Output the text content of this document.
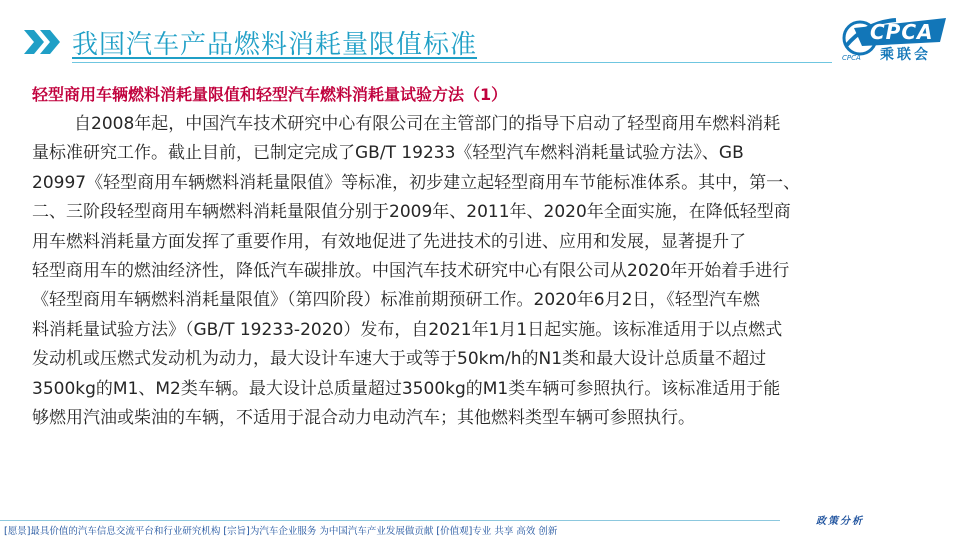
我国汽车产品燃料消耗量限值标准	CPCA
乘联会
CPCA
轻型商用车辆燃料消耗量限值和轻型汽车燃料消耗量试验方法（1）
自2008年起，中国汽车技术研究中心有限公司在主管部门的指导下启动了轻型商用车燃料消耗
量标准研究工作。截止目前，已制定完成了GB/T 19233《轻型汽车燃料消耗量试验方法》、GB
20997《轻型商用车辆燃料消耗量限值》等标准，初步建立起轻型商用车节能标准体系。其中，第一、
二、三阶段轻型商用车辆燃料消耗量限值分别于2009年、2011年、2020年全面实施，在降低轻型商
用车燃料消耗量方面发挥了重要作用，有效地促进了先进技术的引进、应用和发展，显著提升了
轻型商用车的燃油经济性，降低汽车碳排放。中国汽车技术研究中心有限公司从2020年开始着手进行
《轻型商用车辆燃料消耗量限值》（第四阶段）标准前期预研工作。2020年6月2日，《轻型汽车燃
料消耗量试验方法》（GB/T 19233-2020）发布，自2021年1月1日起实施。该标准适用于以点燃式
发动机或压燃式发动机为动力，最大设计车速大于或等于50km/h的N1类和最大设计总质量不超过
3500kg的M1、M2类车辆。最大设计总质量超过3500kg的M1类车辆可参照执行。该标准适用于能
够燃用汽油或柴油的车辆，不适用于混合动力电动汽车；其他燃料类型车辆可参照执行。
[愿景]最具价值的汽车信息交流平台和行业研究机构 [宗旨]为汽车企业服务 为中国汽车产业发展做贡献 [价值观]专业 共享 高效 创新
政策分析
